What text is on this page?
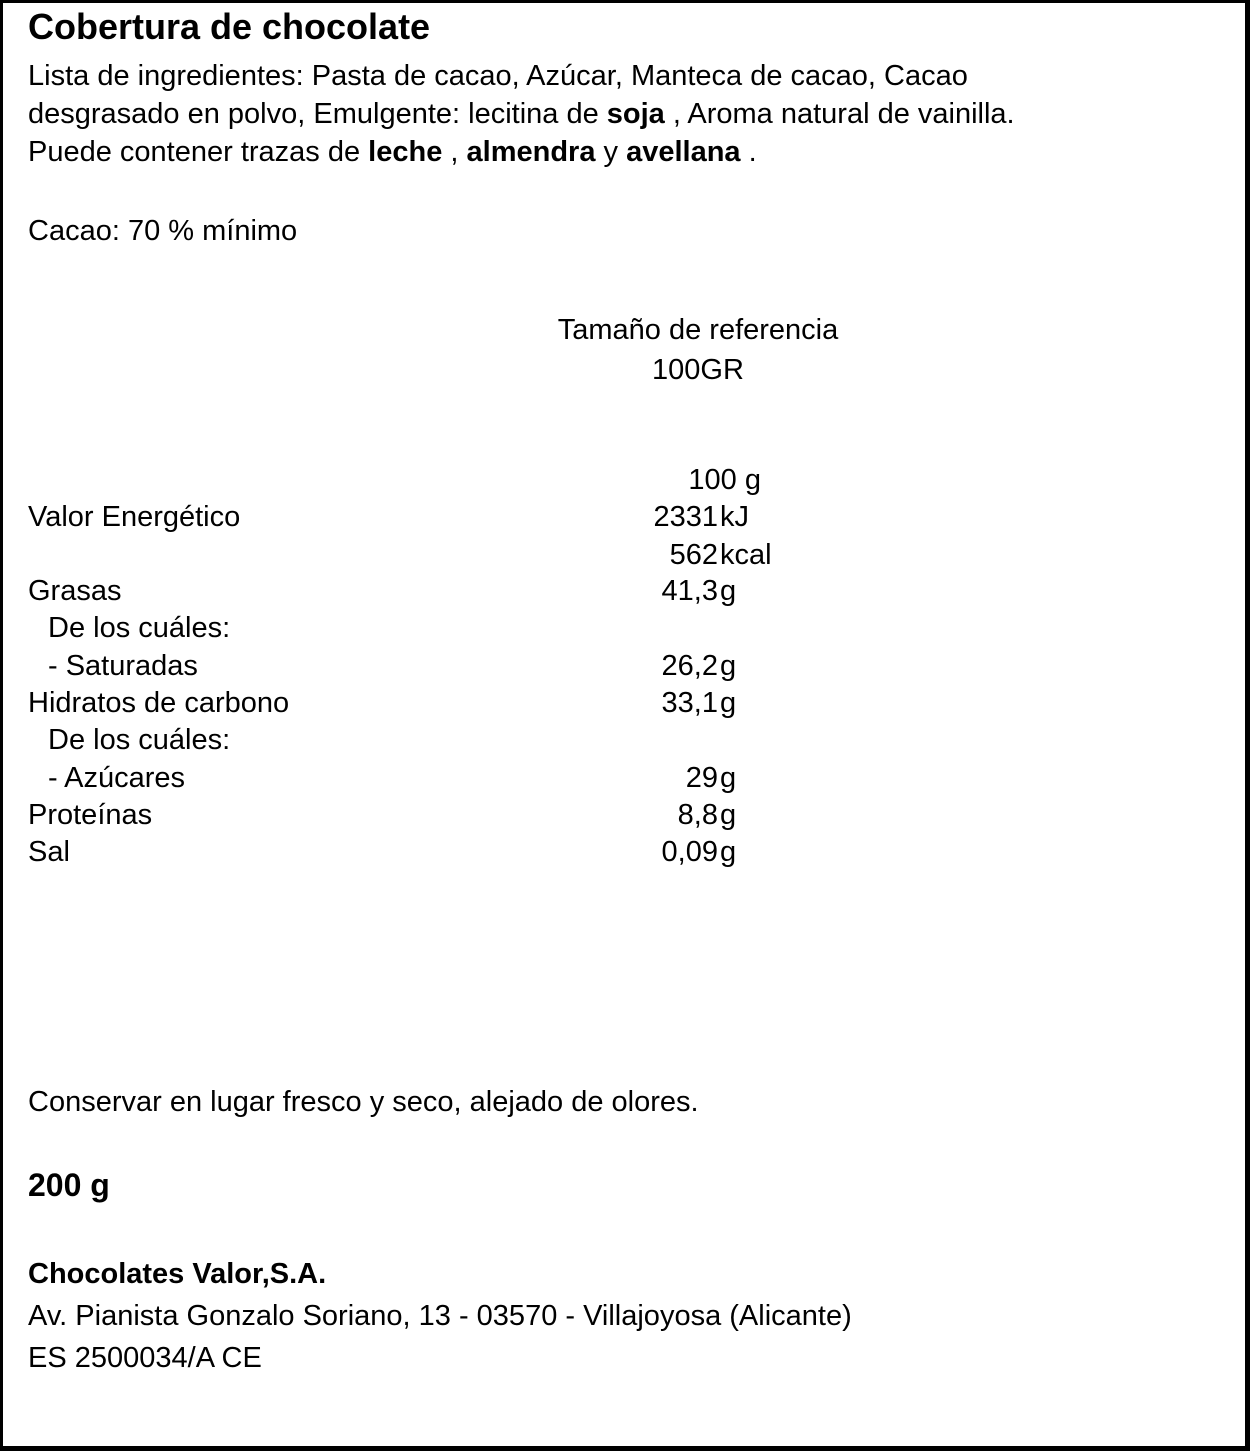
Cobertura de chocolate
Lista de ingredientes: Pasta de cacao, Azúcar, Manteca de cacao, Cacao
desgrasado en polvo, Emulgente: lecitina de soja , Aroma natural de vainilla.
Puede contener trazas de leche , almendra y avellana .
Cacao: 70 % mínimo
Tamaño de referencia
100GR
100 g
Valor Energético	2331 kJ
562 kcal
Grasas	41,3 g
De los cuáles:
- Saturadas	26,2 g
Hidratos de carbono	33,1 g
De los cuáles:
- Azúcares	29 g
Proteínas	8,8 g
Sal	0,09 g
Conservar en lugar fresco y seco, alejado de olores.
200 g
Chocolates Valor,S.A.
Av. Pianista Gonzalo Soriano, 13 - 03570 - Villajoyosa (Alicante)
ES 2500034/A CE
